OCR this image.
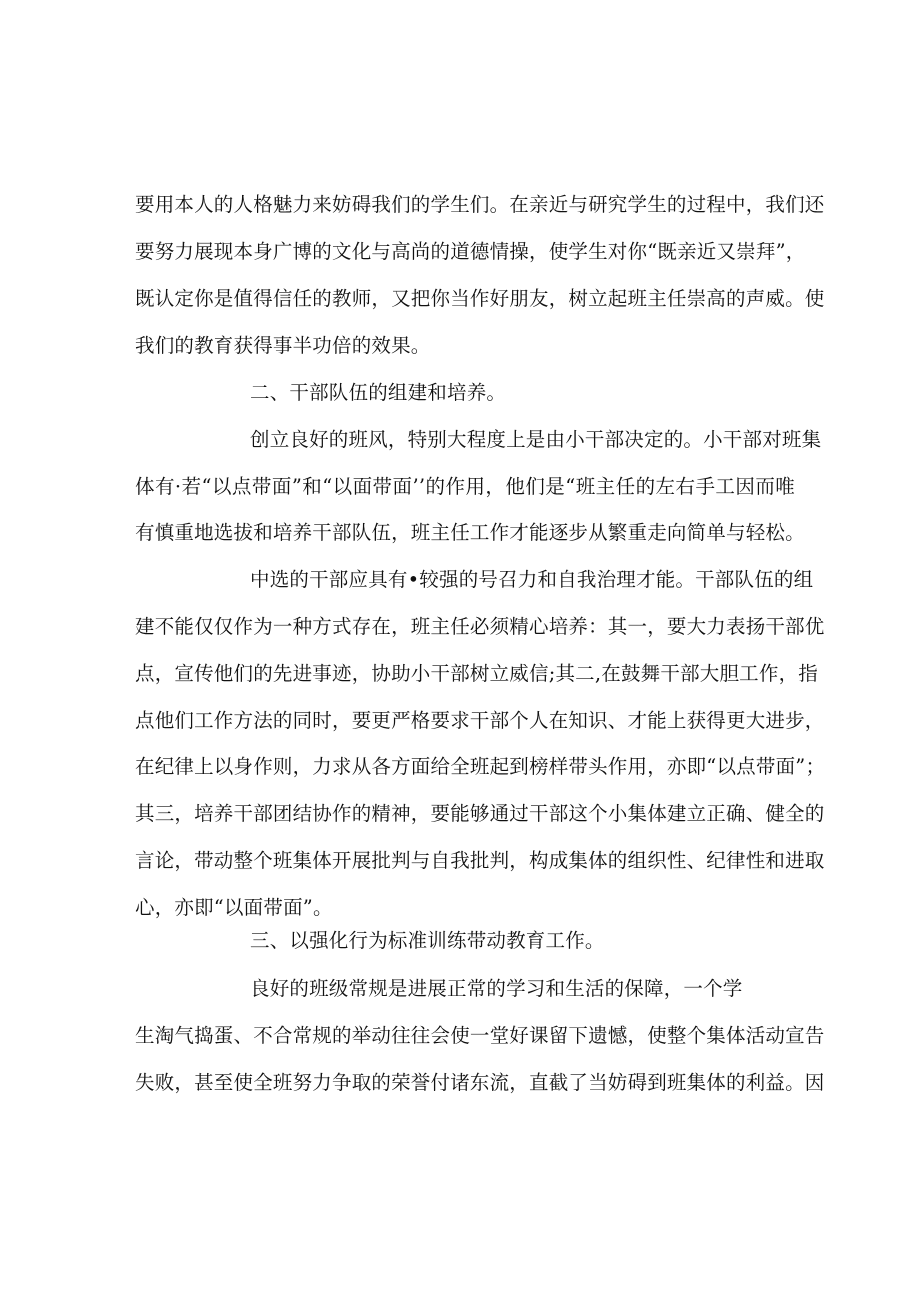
要用本人的人格魅力来妨碍我们的学生们。在亲近与研究学生的过程中，我们还
要努力展现本身广博的文化与高尚的道德情操，使学生对你“既亲近又崇拜”，
既认定你是值得信任的教师，又把你当作好朋友，树立起班主任崇高的声威。使
我们的教育获得事半功倍的效果。
二、干部队伍的组建和培养。
创立良好的班风，特别大程度上是由小干部决定的。小干部对班集
体有·若“以点带面”和“以面带面’’的作用，他们是“班主任的左右手工因而唯
有慎重地选拔和培养干部队伍，班主任工作才能逐步从繁重走向简单与轻松。
中选的干部应具有•较强的号召力和自我治理才能。干部队伍的组
建不能仅仅作为一种方式存在，班主任必须精心培养：其一，要大力表扬干部优
点，宣传他们的先进事迹，协助小干部树立威信;其二,在鼓舞干部大胆工作，指
点他们工作方法的同时，要更严格要求干部个人在知识、才能上获得更大进步，
在纪律上以身作则，力求从各方面给全班起到榜样带头作用，亦即“以点带面”；
其三，培养干部团结协作的精神，要能够通过干部这个小集体建立正确、健全的
言论，带动整个班集体开展批判与自我批判，构成集体的组织性、纪律性和进取
心，亦即“以面带面”。
三、以强化行为标准训练带动教育工作。
良好的班级常规是进展正常的学习和生活的保障，一个学
生淘气捣蛋、不合常规的举动往往会使一堂好课留下遗憾，使整个集体活动宣告
失败，甚至使全班努力争取的荣誉付诸东流，直截了当妨碍到班集体的利益。因
